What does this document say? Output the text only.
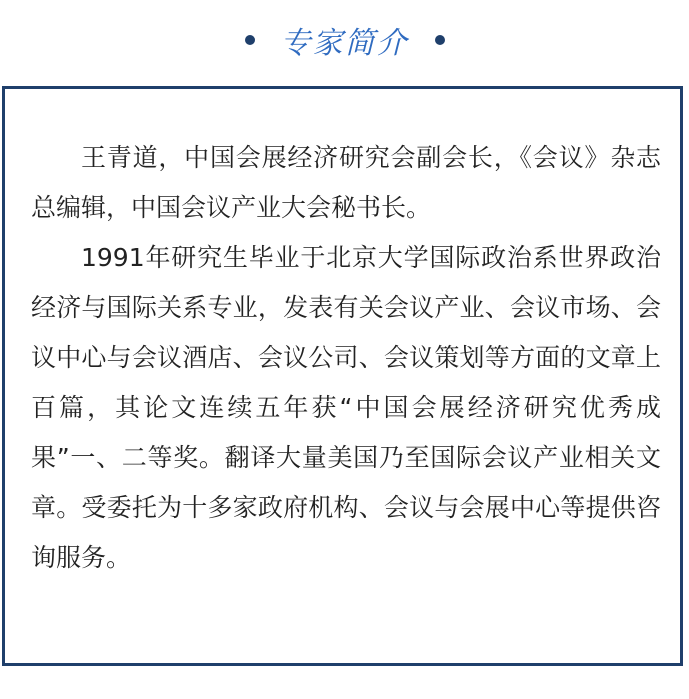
专家简介

王青道，中国会展经济研究会副会长，《会议》杂志总编辑，中国会议产业大会秘书长。

1991年研究生毕业于北京大学国际政治系世界政治经济与国际关系专业，发表有关会议产业、会议市场、会议中心与会议酒店、会议公司、会议策划等方面的文章上百篇，其论文连续五年获“中国会展经济研究优秀成果”一、二等奖。翻译大量美国乃至国际会议产业相关文章。受委托为十多家政府机构、会议与会展中心等提供咨询服务。
